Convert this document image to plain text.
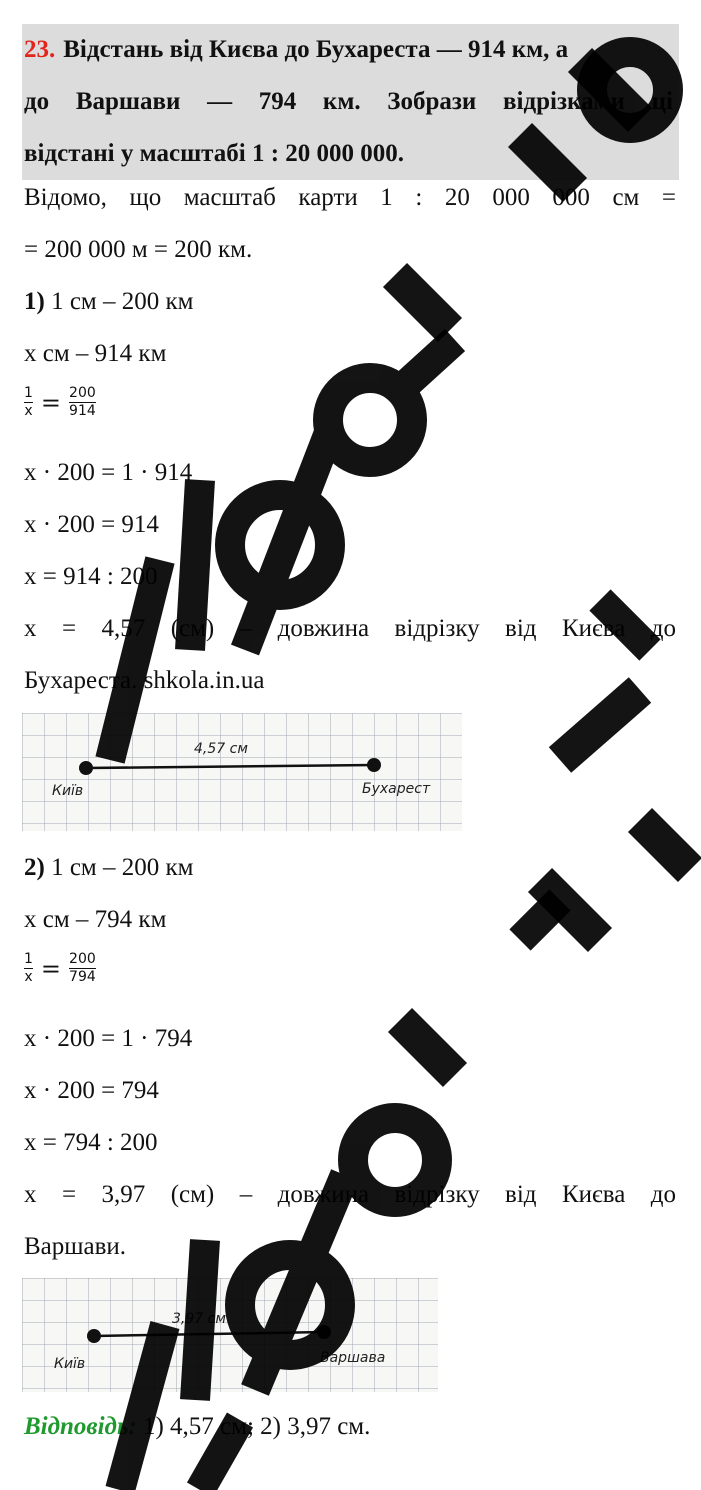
23. Відстань від Києва до Бухареста — 914 км, а
до Варшави — 794 км. Зобрази відрізками ці
відстані у масштабі 1 : 20 000 000.
Відомо, що масштаб карти 1 : 20 000 000 см =
= 200 000 м = 200 км.
1) 1 см – 200 км
х см – 914 км
1
x = 200
914
х · 200 = 1 · 914
х · 200 = 914
х = 914 : 200
х = 4,57 (см) – довжина відрізку від Києва до
Бухареста. shkola.in.ua
4,57 см
Київ	Бухарест
2) 1 см – 200 км
х см – 794 км
1
x = 200
794
х · 200 = 1 · 794
х · 200 = 794
х = 794 : 200
х = 3,97 (см) – довжина відрізку від Києва до
Варшави.
3,97 см
Київ	Варшава
Відповідь: 1) 4,57 см; 2) 3,97 см.
